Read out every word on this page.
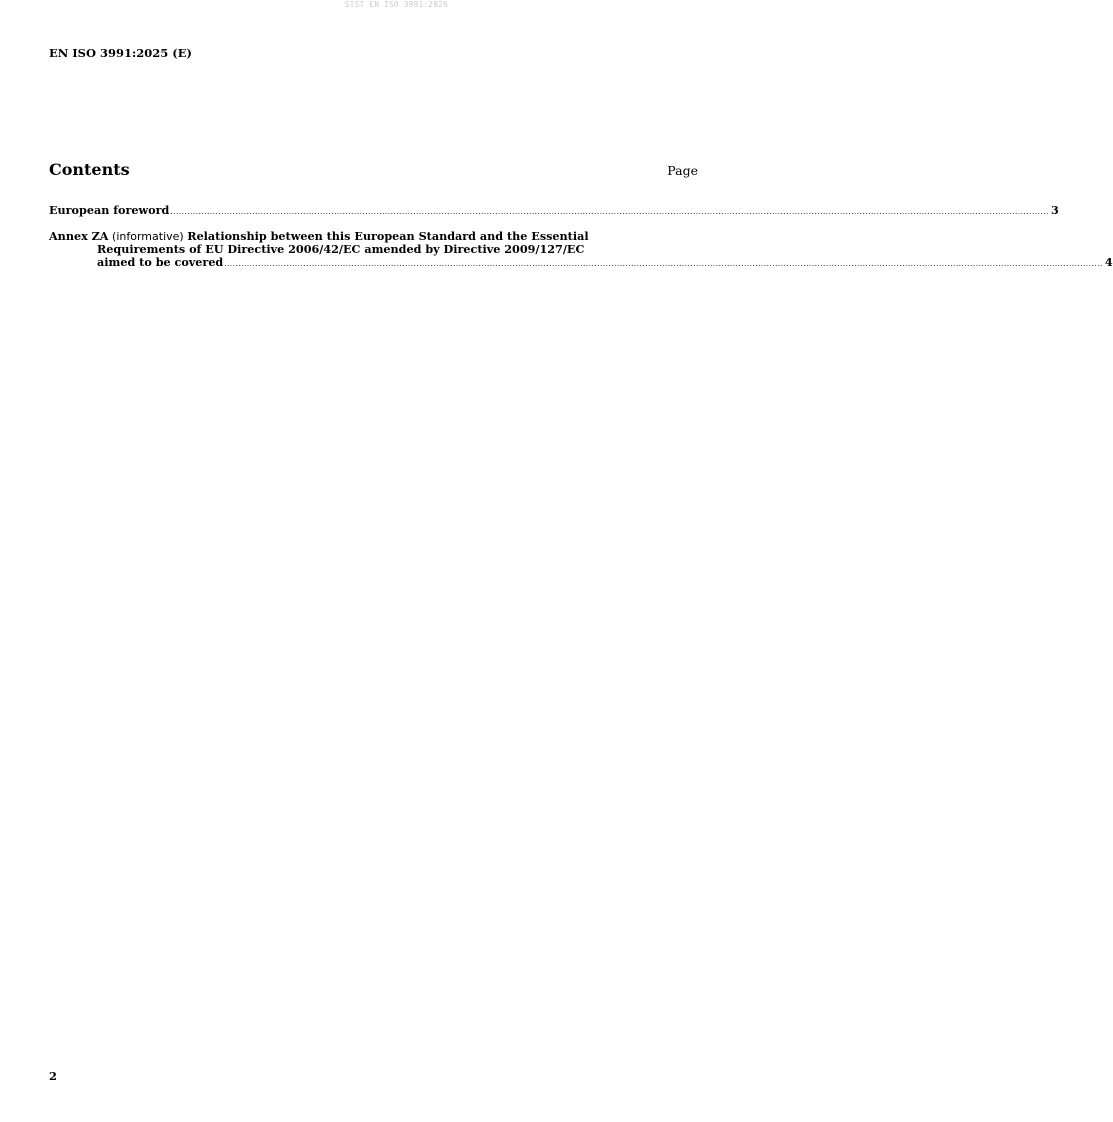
SIST EN ISO 3991:2026
EN ISO 3991:2025 (E)
Contents	Page
European foreword ....................................................................................................................................................................................................................................................................................................................... 3
Annex ZA (informative) Relationship between this European Standard and the Essential
Requirements of EU Directive 2006/42/EC amended by Directive 2009/127/EC
aimed to be covered ....................................................................................................................................................................................................................................................................................................................... 4
2
